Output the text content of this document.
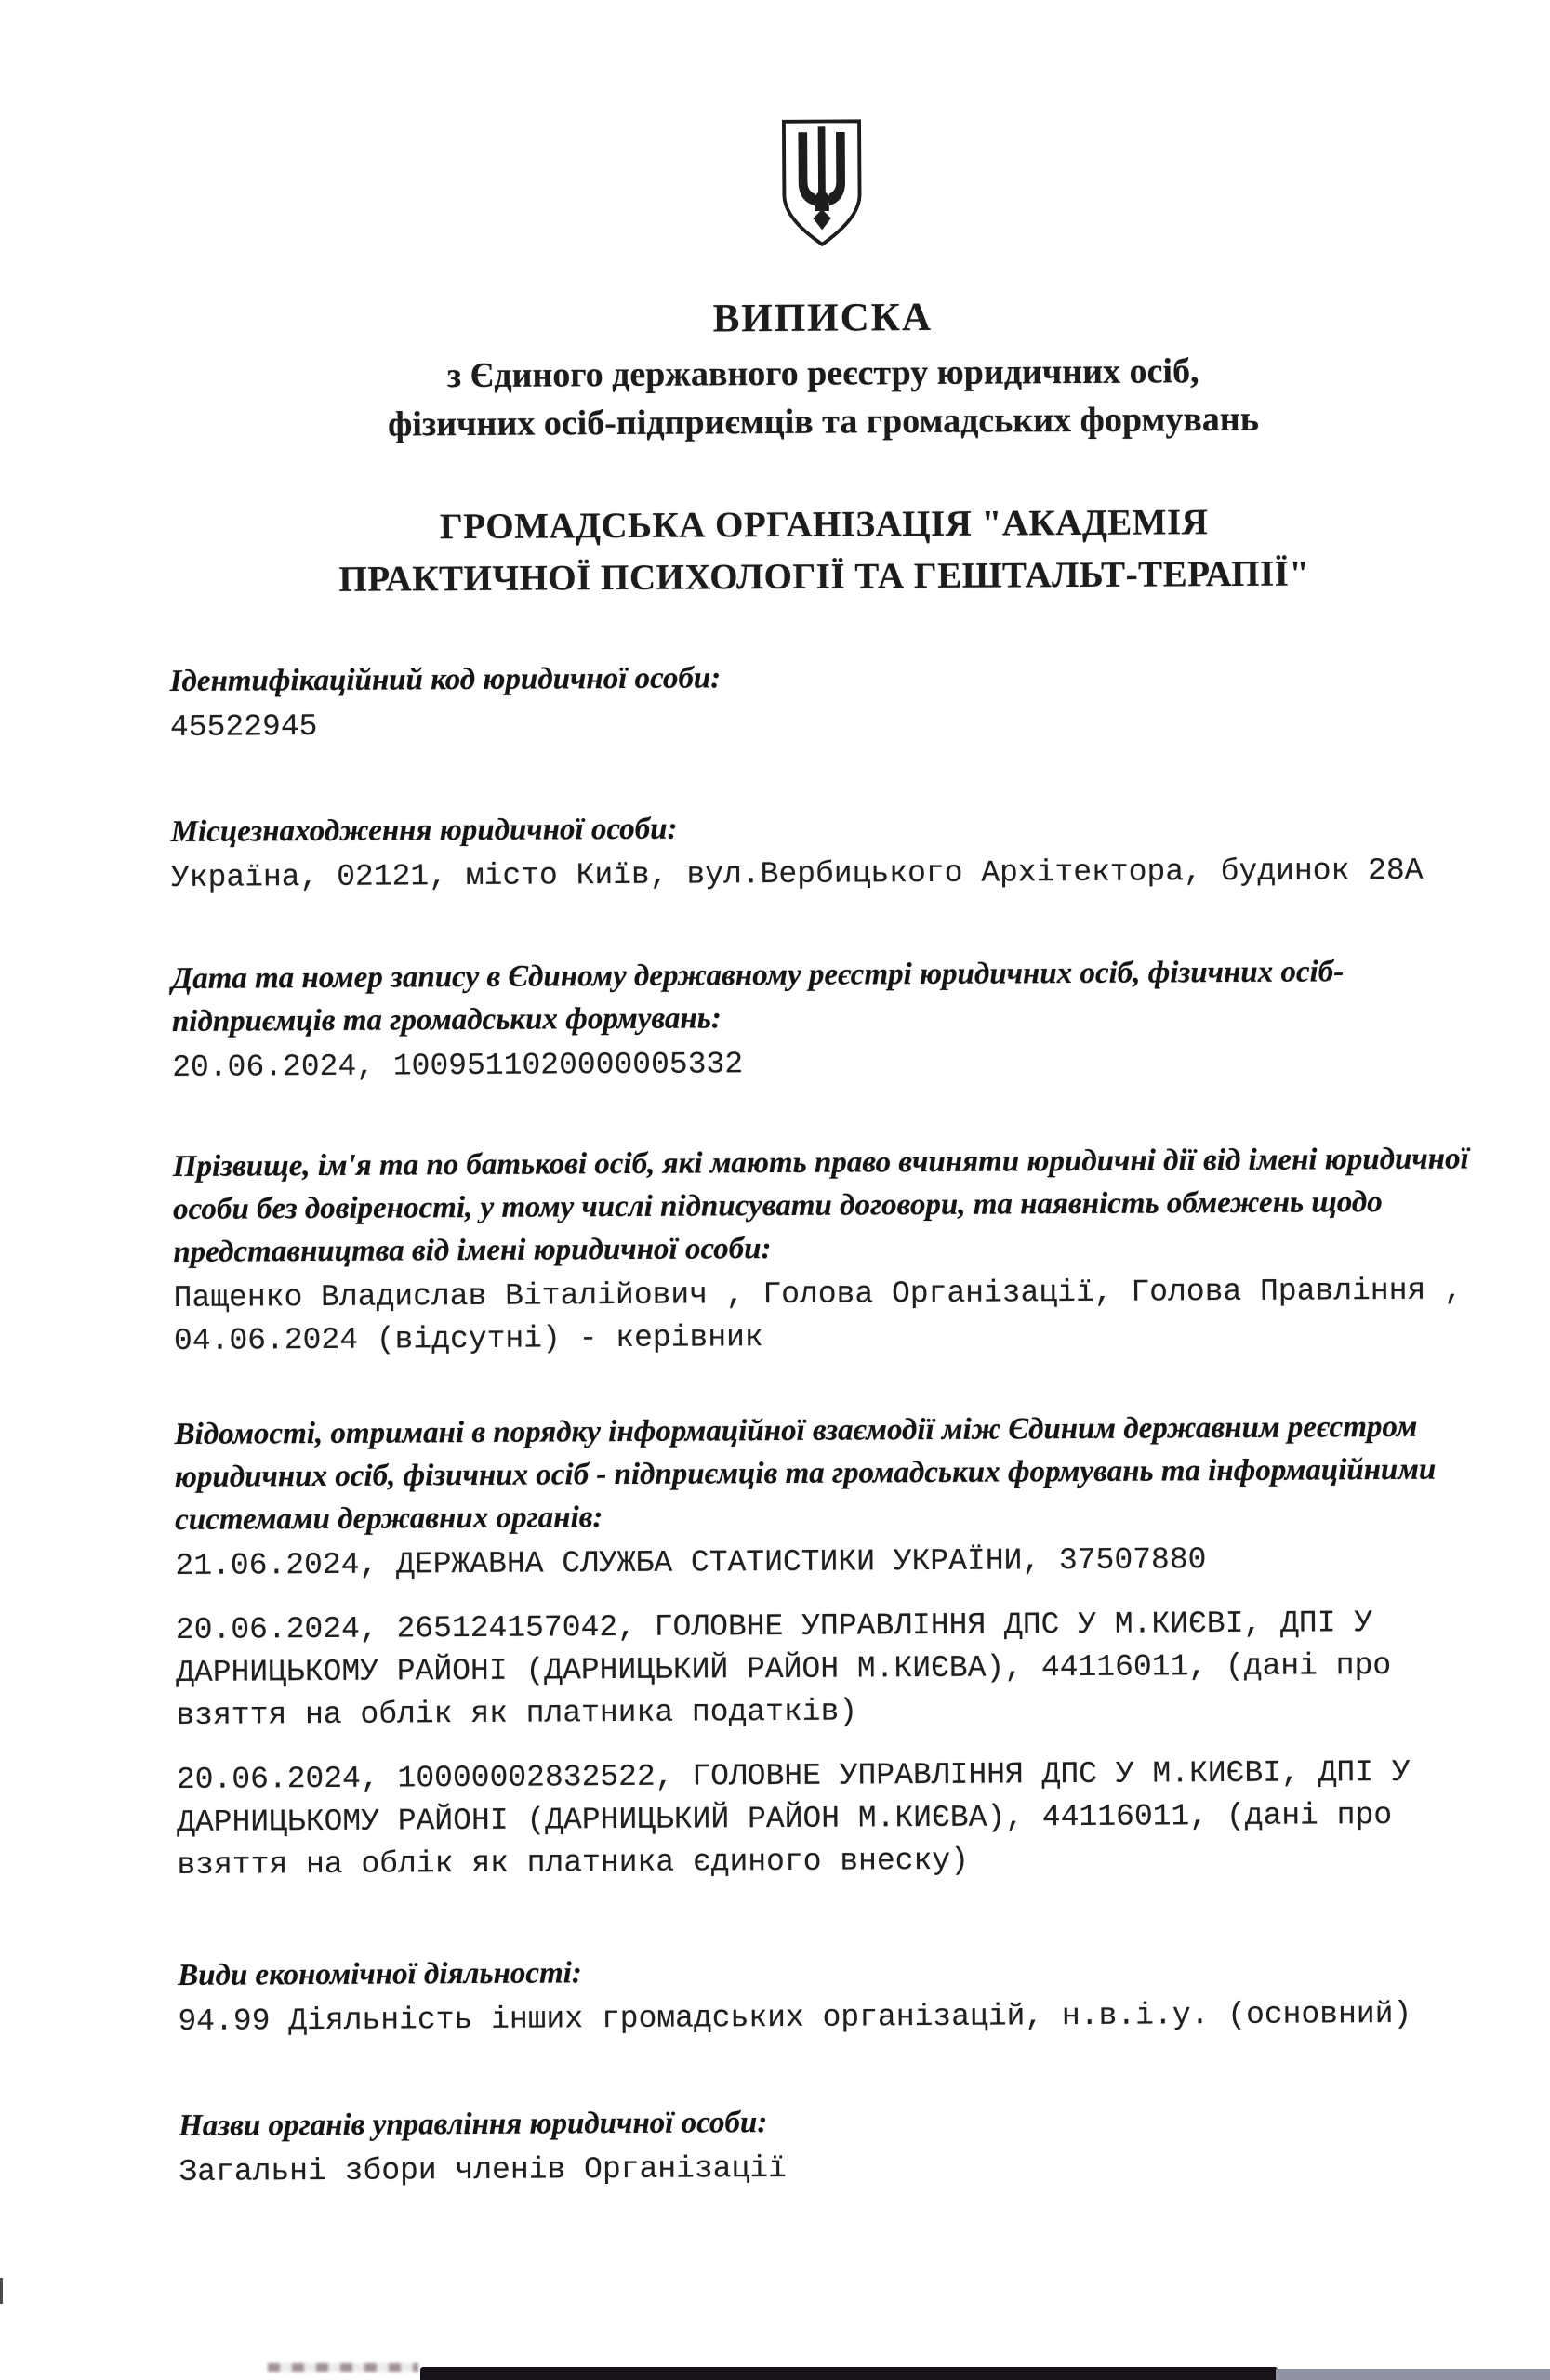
ВИПИСКА
з Єдиного державного реєстру юридичних осіб,
фізичних осіб-підприємців та громадських формувань
ГРОМАДСЬКА ОРГАНІЗАЦІЯ "АКАДЕМІЯ
ПРАКТИЧНОЇ ПСИХОЛОГІЇ ТА ГЕШТАЛЬТ-ТЕРАПІЇ"
Ідентифікаційний код юридичної особи:
45522945
Місцезнаходження юридичної особи:
Україна, 02121, місто Київ, вул.Вербицького Архітектора, будинок 28А
Дата та номер запису в Єдиному державному реєстрі юридичних осіб, фізичних осіб-
підприємців та громадських формувань:
20.06.2024, 1009511020000005332
Прізвище, ім'я та по батькові осіб, які мають право вчиняти юридичні дії від імені юридичної
особи без довіреності, у тому числі підписувати договори, та наявність обмежень щодо
представництва від імені юридичної особи:
Пащенко Владислав Віталійович , Голова Організації, Голова Правління ,
04.06.2024 (відсутні) - керівник
Відомості, отримані в порядку інформаційної взаємодії між Єдиним державним реєстром
юридичних осіб, фізичних осіб - підприємців та громадських формувань та інформаційними
системами державних органів:
21.06.2024, ДЕРЖАВНА СЛУЖБА СТАТИСТИКИ УКРАЇНИ, 37507880
20.06.2024, 265124157042, ГОЛОВНЕ УПРАВЛІННЯ ДПС У М.КИЄВІ, ДПІ У
ДАРНИЦЬКОМУ РАЙОНІ (ДАРНИЦЬКИЙ РАЙОН М.КИЄВА), 44116011, (дані про
взяття на облік як платника податків)
20.06.2024, 10000002832522, ГОЛОВНЕ УПРАВЛІННЯ ДПС У М.КИЄВІ, ДПІ У
ДАРНИЦЬКОМУ РАЙОНІ (ДАРНИЦЬКИЙ РАЙОН М.КИЄВА), 44116011, (дані про
взяття на облік як платника єдиного внеску)
Види економічної діяльності:
94.99 Діяльність інших громадських організацій, н.в.і.у. (основний)
Назви органів управління юридичної особи:
Загальні збори членів Організації
